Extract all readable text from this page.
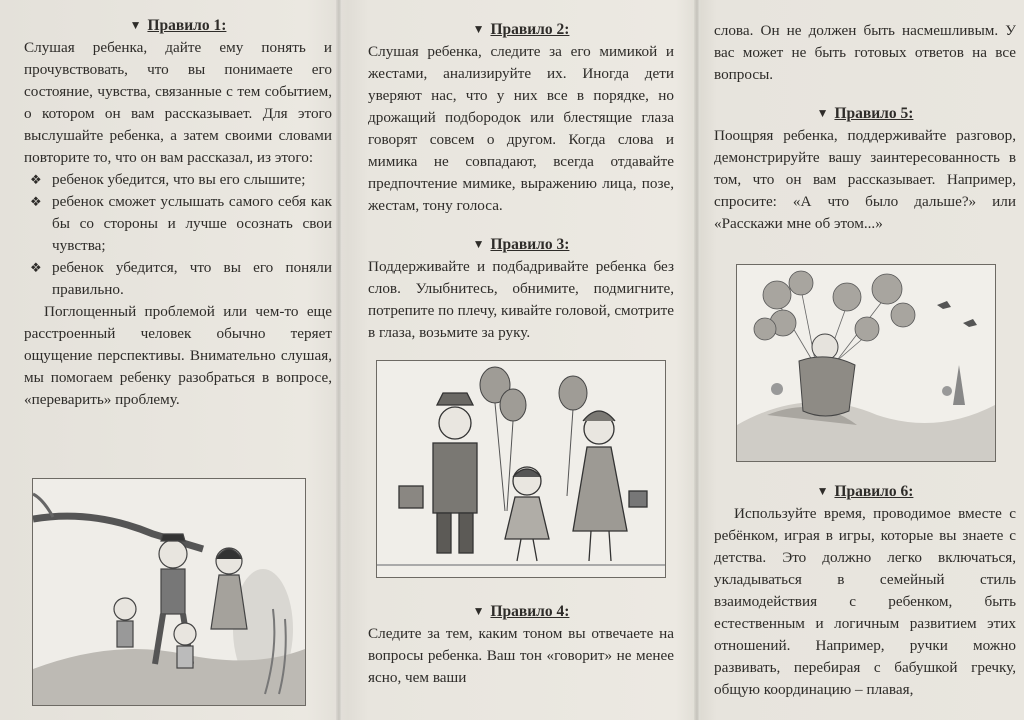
▼ Правило 1:

Слушая ребенка, дайте ему понять и прочувствовать, что вы понимаете его состояние, чувства, связанные с тем событием, о котором он вам рассказывает. Для этого выслушайте ребенка, а затем своими словами повторите то, что он вам рассказал, из этого:

❖ ребенок убедится, что вы его слышите;
❖ ребенок сможет услышать самого себя как бы со стороны и лучше осознать свои чувства;
❖ ребенок убедится, что вы его поняли правильно.

Поглощенный проблемой или чем-то еще расстроенный человек обычно теряет ощущение перспективы. Внимательно слушая, мы помогаем ребенку разобраться в вопросе, «переварить» проблему.

▼ Правило 2:

Слушая ребенка, следите за его мимикой и жестами, анализируйте их. Иногда дети уверяют нас, что у них все в порядке, но дрожащий подбородок или блестящие глаза говорят совсем о другом. Когда слова и мимика не совпадают, всегда отдавайте предпочтение мимике, выражению лица, позе, жестам, тону голоса.

▼ Правило 3:

Поддерживайте и подбадривайте ребенка без слов. Улыбнитесь, обнимите, подмигните, потрепите по плечу, кивайте головой, смотрите в глаза, возьмите за руку.

▼ Правило 4:

Следите за тем, каким тоном вы отвечаете на вопросы ребенка. Ваш тон «говорит» не менее ясно, чем ваши

слова. Он не должен быть насмешливым. У вас может не быть готовых ответов на все вопросы.

▼ Правило 5:

Поощряя ребенка, поддерживайте разговор, демонстрируйте вашу заинтересованность в том, что он вам рассказывает. Например, спросите: «А что было дальше?» или «Расскажи мне об этом...»

▼ Правило 6:

Используйте время, проводимое вместе с ребёнком, играя в игры, которые вы знаете с детства. Это должно легко включаться, укладываться в семейный стиль взаимодействия с ребенком, быть естественным и логичным развитием этих отношений. Например, ручки можно развивать, перебирая с бабушкой гречку, общую координацию – плавая,
